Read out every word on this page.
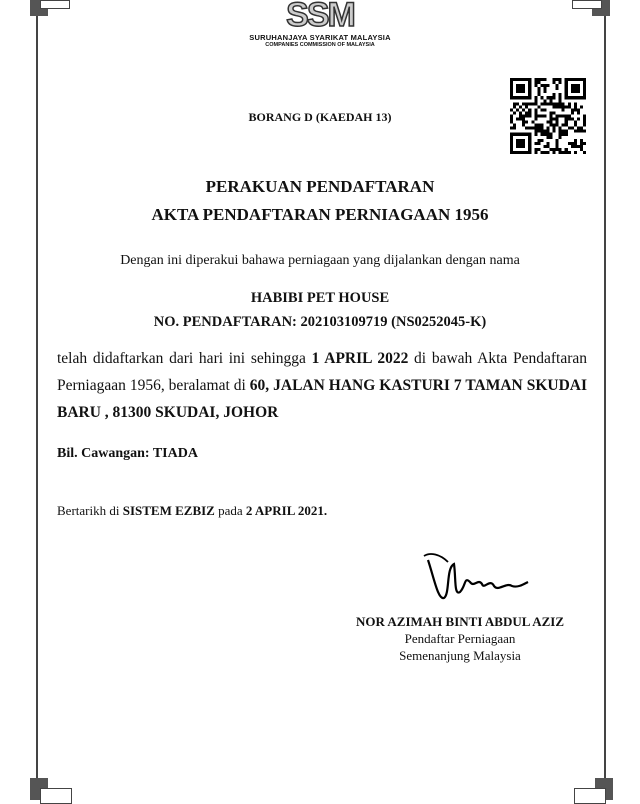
SSM
SURUHANJAYA SYARIKAT MALAYSIA
COMPANIES COMMISSION OF MALAYSIA
BORANG D (KAEDAH 13)
PERAKUAN PENDAFTARAN
AKTA PENDAFTARAN PERNIAGAAN 1956
Dengan ini diperakui bahawa perniagaan yang dijalankan dengan nama
HABIBI PET HOUSE
NO. PENDAFTARAN: 202103109719 (NS0252045-K)
telah didaftarkan dari hari ini sehingga 1 APRIL 2022 di bawah Akta Pendaftaran Perniagaan 1956, beralamat di 60, JALAN HANG KASTURI 7 TAMAN SKUDAI BARU , 81300 SKUDAI, JOHOR
Bil. Cawangan: TIADA
Bertarikh di SISTEM EZBIZ pada 2 APRIL 2021.
NOR AZIMAH BINTI ABDUL AZIZ
Pendaftar Perniagaan
Semenanjung Malaysia
